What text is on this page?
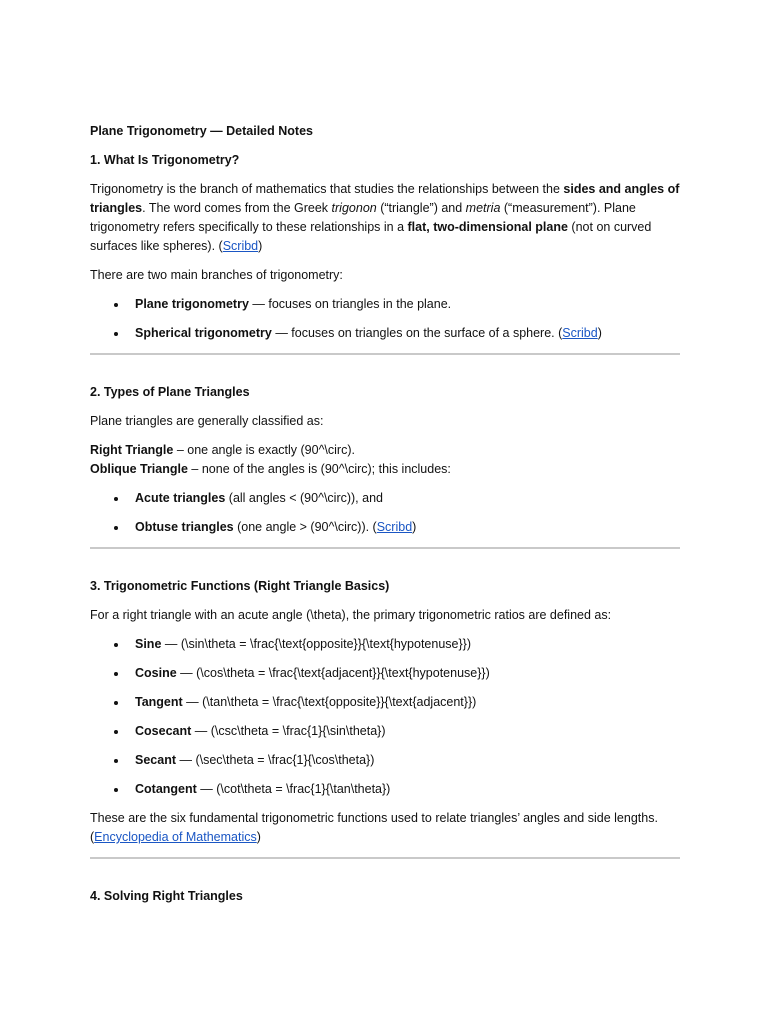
Plane Trigonometry — Detailed Notes

1. What Is Trigonometry?

Trigonometry is the branch of mathematics that studies the relationships between the sides and angles of triangles. The word comes from the Greek trigonon (“triangle”) and metria (“measurement”). Plane trigonometry refers specifically to these relationships in a flat, two-dimensional plane (not on curved surfaces like spheres). (Scribd)

There are two main branches of trigonometry:

Plane trigonometry — focuses on triangles in the plane.
Spherical trigonometry — focuses on triangles on the surface of a sphere. (Scribd)

2. Types of Plane Triangles

Plane triangles are generally classified as:

Right Triangle – one angle is exactly (90^\circ).

Oblique Triangle – none of the angles is (90^\circ); this includes:

Acute triangles (all angles < (90^\circ)), and
Obtuse triangles (one angle > (90^\circ)). (Scribd)

3. Trigonometric Functions (Right Triangle Basics)

For a right triangle with an acute angle (\theta), the primary trigonometric ratios are defined as:

Sine — (\sin\theta = \frac{\text{opposite}}{\text{hypotenuse}})
Cosine — (\cos\theta = \frac{\text{adjacent}}{\text{hypotenuse}})
Tangent — (\tan\theta = \frac{\text{opposite}}{\text{adjacent}})
Cosecant — (\csc\theta = \frac{1}{\sin\theta})
Secant — (\sec\theta = \frac{1}{\cos\theta})
Cotangent — (\cot\theta = \frac{1}{\tan\theta})

These are the six fundamental trigonometric functions used to relate triangles’ angles and side lengths. (Encyclopedia of Mathematics)

4. Solving Right Triangles
